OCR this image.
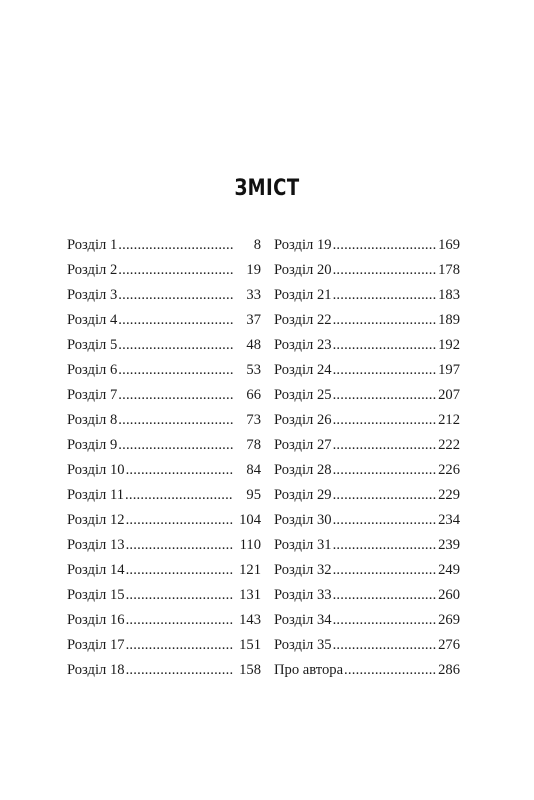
ЗМІСТ
Розділ 1 .....	8
Розділ 2 .....	19
Розділ 3 .....	33
Розділ 4 .....	37
Розділ 5 .....	48
Розділ 6 .....	53
Розділ 7 .....	66
Розділ 8 .....	73
Розділ 9 .....	78
Розділ 10 .....	84
Розділ 11 .....	95
Розділ 12 .....	104
Розділ 13 .....	110
Розділ 14 .....	121
Розділ 15 .....	131
Розділ 16 .....	143
Розділ 17 .....	151
Розділ 18 .....	158
Розділ 19 .....	169
Розділ 20 .....	178
Розділ 21 .....	183
Розділ 22 .....	189
Розділ 23 .....	192
Розділ 24 .....	197
Розділ 25 .....	207
Розділ 26 .....	212
Розділ 27 .....	222
Розділ 28 .....	226
Розділ 29 .....	229
Розділ 30 .....	234
Розділ 31 .....	239
Розділ 32 .....	249
Розділ 33 .....	260
Розділ 34 .....	269
Розділ 35 .....	276
Про автора .....	286
